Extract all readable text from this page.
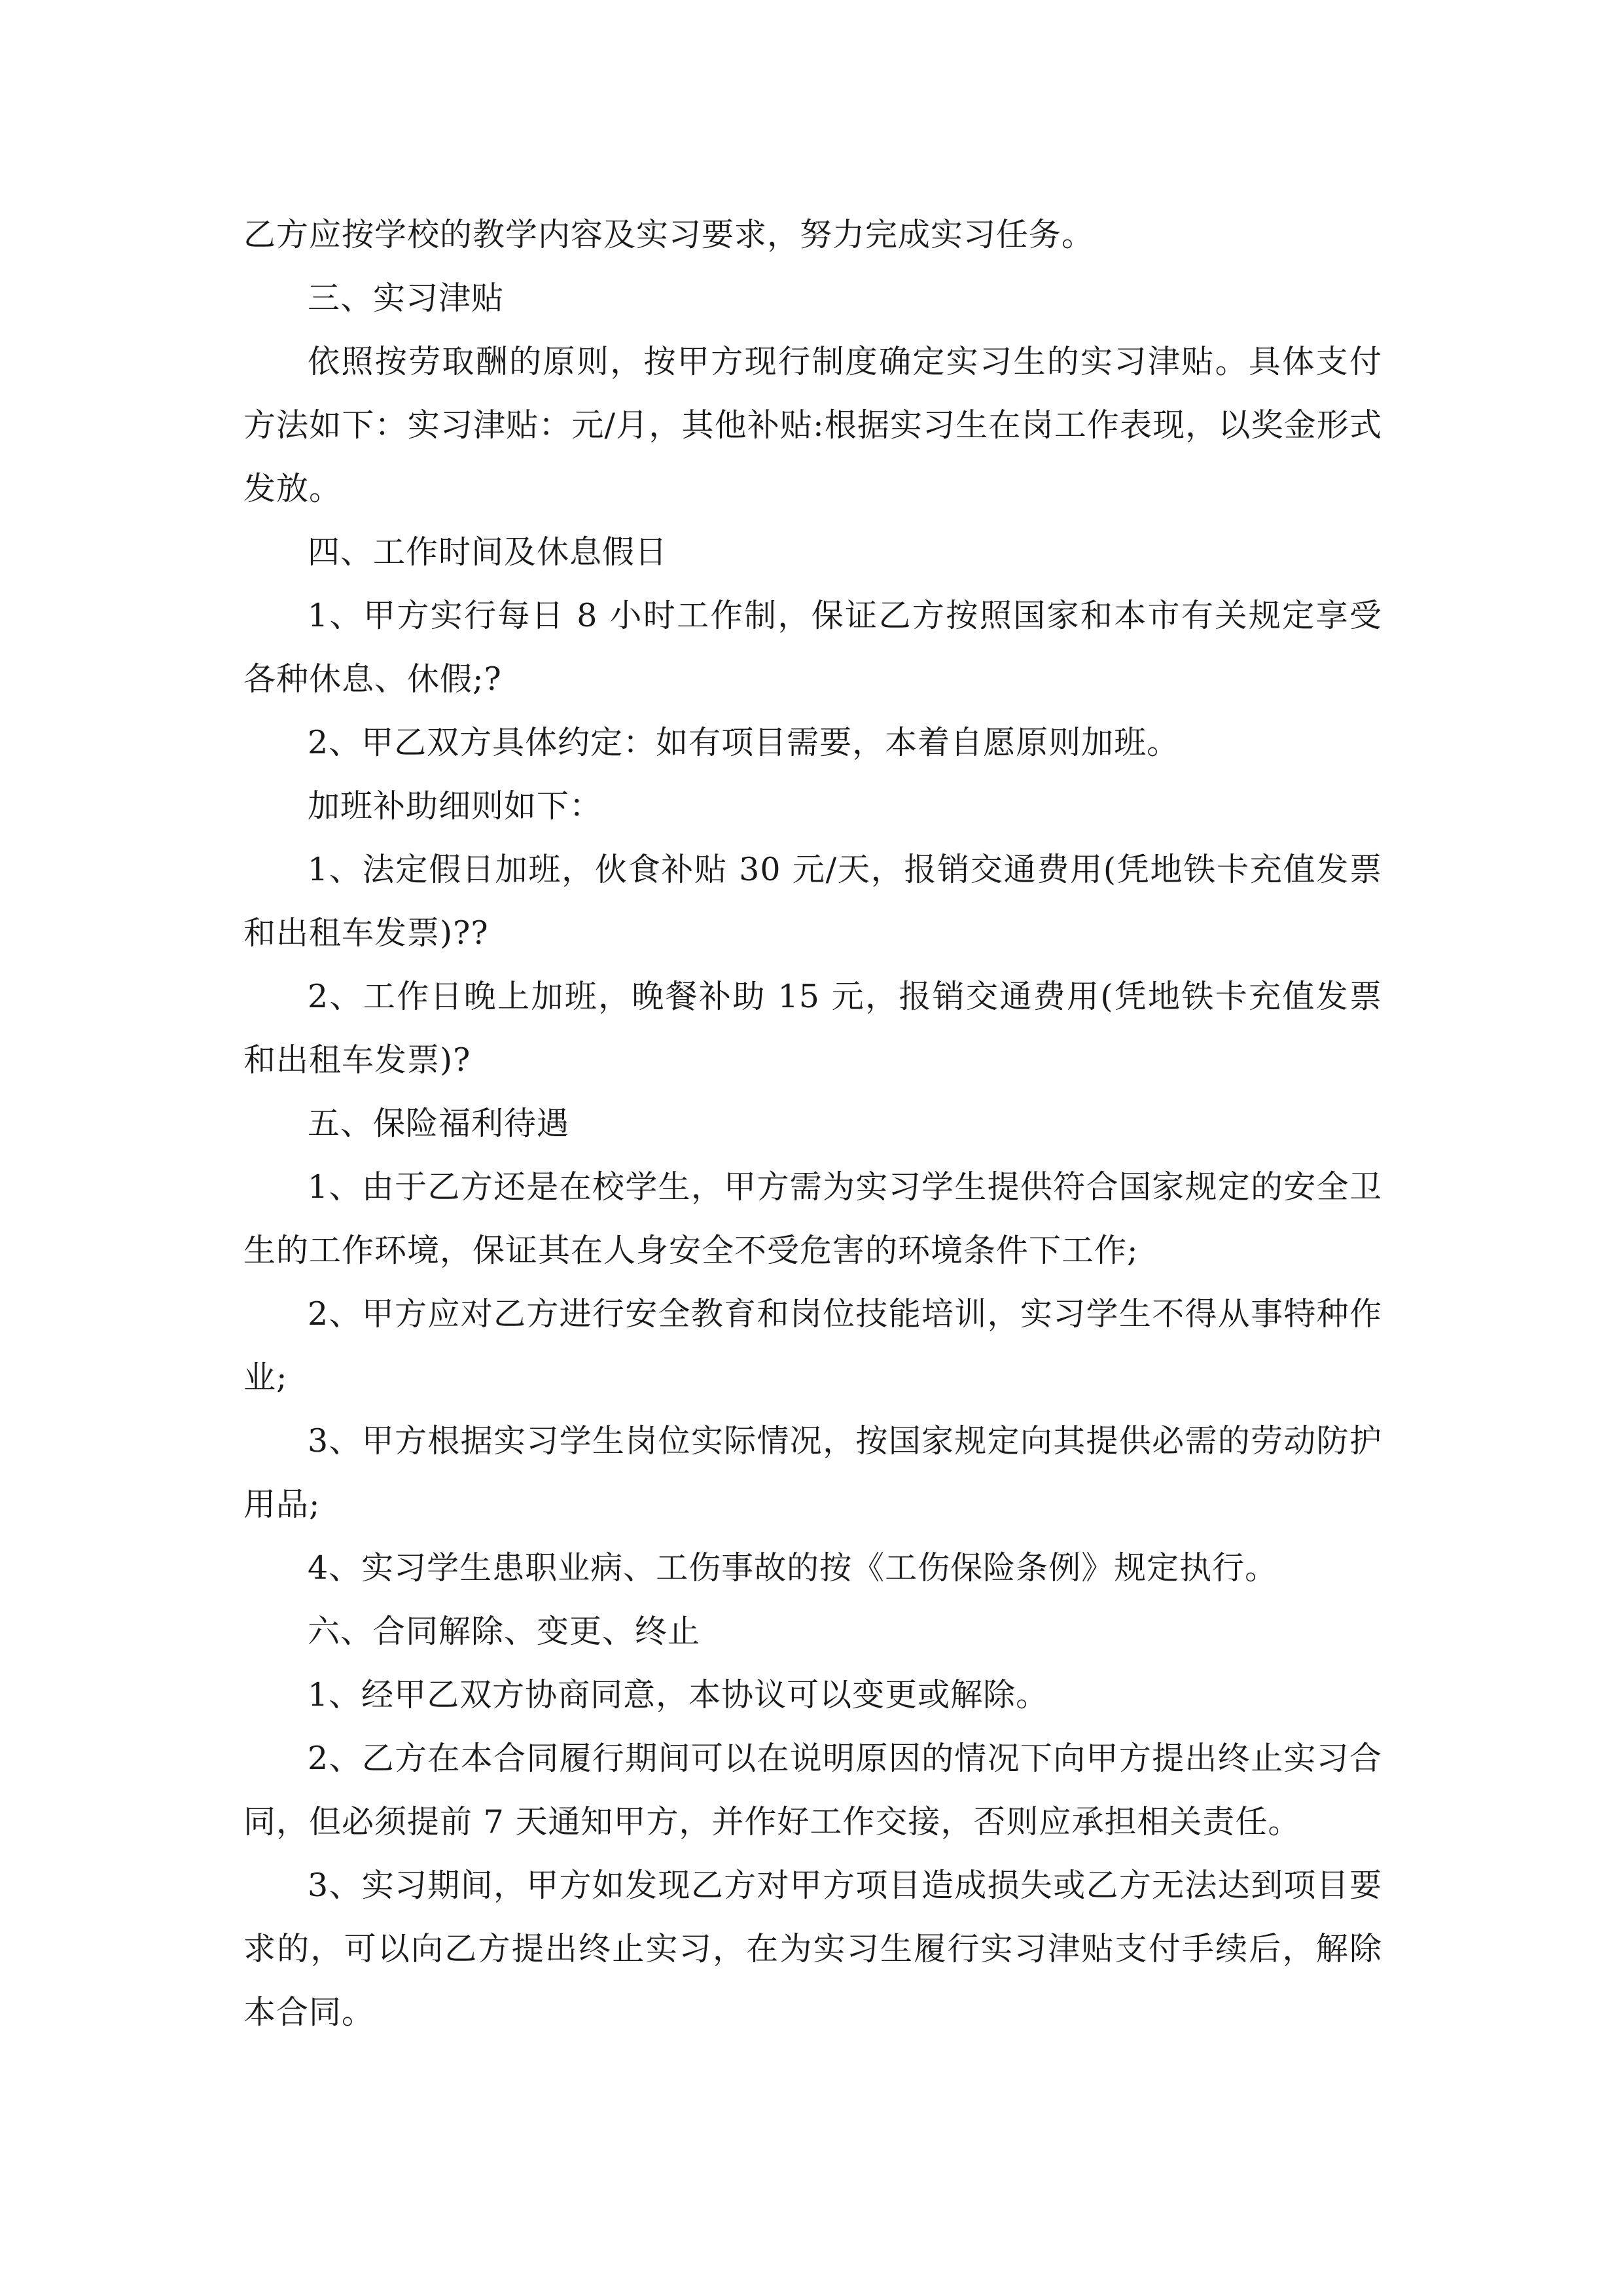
乙方应按学校的教学内容及实习要求，努力完成实习任务。

三、实习津贴

依照按劳取酬的原则，按甲方现行制度确定实习生的实习津贴。具体支付方法如下：实习津贴：元/月，其他补贴:根据实习生在岗工作表现，以奖金形式发放。

四、工作时间及休息假日

1、甲方实行每日 8 小时工作制，保证乙方按照国家和本市有关规定享受各种休息、休假;?

2、甲乙双方具体约定：如有项目需要，本着自愿原则加班。

加班补助细则如下：

1、法定假日加班，伙食补贴 30 元/天，报销交通费用(凭地铁卡充值发票和出租车发票)??

2、工作日晚上加班，晚餐补助 15 元，报销交通费用(凭地铁卡充值发票和出租车发票)?

五、保险福利待遇

1、由于乙方还是在校学生，甲方需为实习学生提供符合国家规定的安全卫生的工作环境，保证其在人身安全不受危害的环境条件下工作;

2、甲方应对乙方进行安全教育和岗位技能培训，实习学生不得从事特种作业;

3、甲方根据实习学生岗位实际情况，按国家规定向其提供必需的劳动防护用品;

4、实习学生患职业病、工伤事故的按《工伤保险条例》规定执行。

六、合同解除、变更、终止

1、经甲乙双方协商同意，本协议可以变更或解除。

2、乙方在本合同履行期间可以在说明原因的情况下向甲方提出终止实习合同，但必须提前 7 天通知甲方，并作好工作交接，否则应承担相关责任。

3、实习期间，甲方如发现乙方对甲方项目造成损失或乙方无法达到项目要求的，可以向乙方提出终止实习，在为实习生履行实习津贴支付手续后，解除本合同。
